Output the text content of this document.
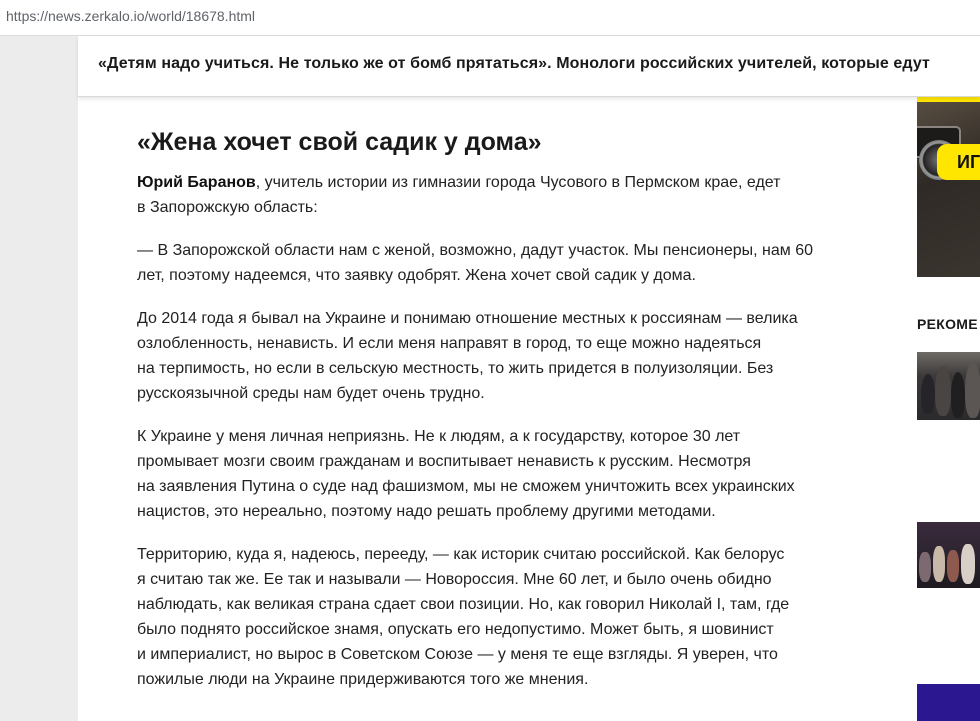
https://news.zerkalo.io/world/18678.html
«Детям надо учиться. Не только же от бомб прятаться». Монологи российских учителей, которые едут
«Жена хочет свой садик у дома»

Юрий Баранов, учитель истории из гимназии города Чусового в Пермском крае, едет
в Запорожскую область:

— В Запорожской области нам с женой, возможно, дадут участок. Мы пенсионеры, нам 60
лет, поэтому надеемся, что заявку одобрят. Жена хочет свой садик у дома.

До 2014 года я бывал на Украине и понимаю отношение местных к россиянам — велика
озлобленность, ненависть. И если меня направят в город, то еще можно надеяться
на терпимость, но если в сельскую местность, то жить придется в полуизоляции. Без
русскоязычной среды нам будет очень трудно.

К Украине у меня личная неприязнь. Не к людям, а к государству, которое 30 лет
промывает мозги своим гражданам и воспитывает ненависть к русским. Несмотря
на заявления Путина о суде над фашизмом, мы не сможем уничтожить всех украинских
нацистов, это нереально, поэтому надо решать проблему другими методами.

Территорию, куда я, надеюсь, перееду, — как историк считаю российской. Как белорус
я считаю так же. Ее так и называли — Новороссия. Мне 60 лет, и было очень обидно
наблюдать, как великая страна сдает свои позиции. Но, как говорил Николай I, там, где
было поднято российское знамя, опускать его недопустимо. Может быть, я шовинист
и империалист, но вырос в Советском Союзе — у меня те еще взгляды. Я уверен, что
пожилые люди на Украине придерживаются того же мнения.

ИГ
РЕКОМЕ
